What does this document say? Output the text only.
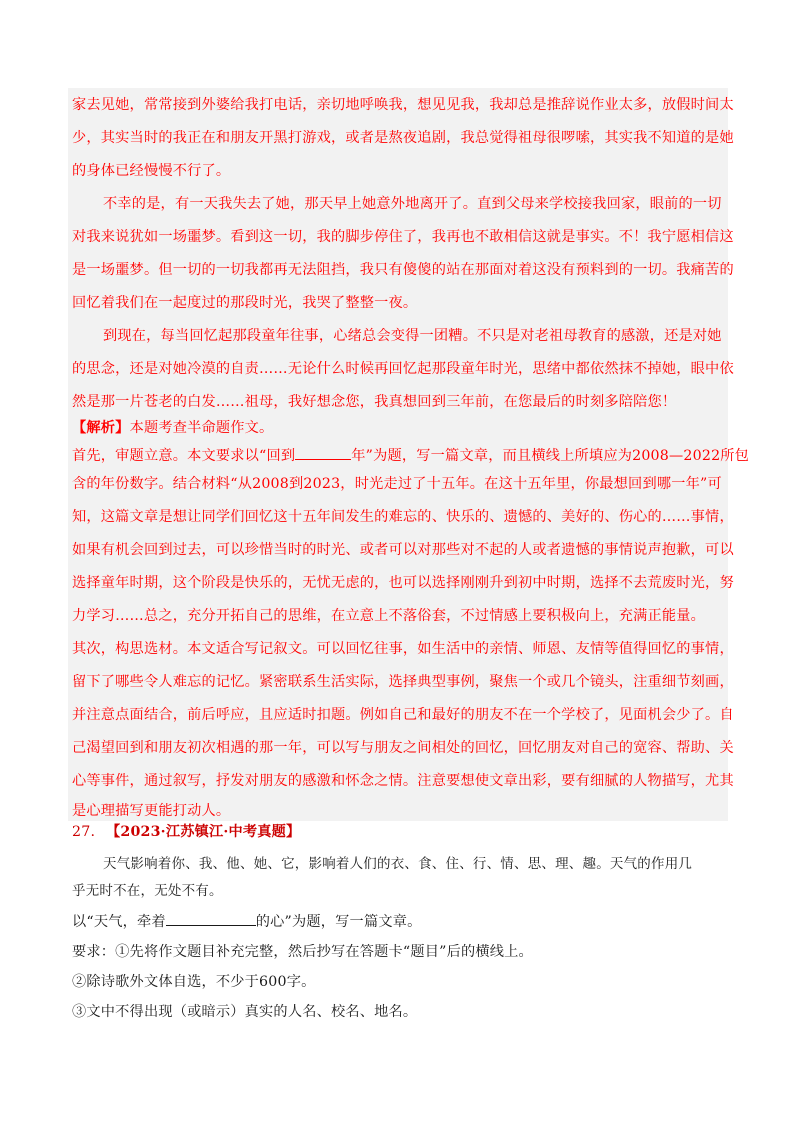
家去见她，常常接到外婆给我打电话，亲切地呼唤我，想见见我，我却总是推辞说作业太多，放假时间太
少，其实当时的我正在和朋友开黑打游戏，或者是熬夜追剧，我总觉得祖母很啰嗦，其实我不知道的是她
的身体已经慢慢不行了。
不幸的是，有一天我失去了她，那天早上她意外地离开了。直到父母来学校接我回家，眼前的一切
对我来说犹如一场噩梦。看到这一切，我的脚步停住了，我再也不敢相信这就是事实。不！我宁愿相信这
是一场噩梦。但一切的一切我都再无法阻挡，我只有傻傻的站在那面对着这没有预料到的一切。我痛苦的
回忆着我们在一起度过的那段时光，我哭了整整一夜。
到现在，每当回忆起那段童年往事，心绪总会变得一团糟。不只是对老祖母教育的感激，还是对她
的思念，还是对她冷漠的自责……无论什么时候再回忆起那段童年时光，思绪中都依然抹不掉她，眼中依
然是那一片苍老的白发……祖母，我好想念您，我真想回到三年前，在您最后的时刻多陪陪您！
【解析】本题考查半命题作文。
首先，审题立意。本文要求以“回到	年”为题，写一篇文章，而且横线上所填应为2008—2022所包
含的年份数字。结合材料“从2008到2023，时光走过了十五年。在这十五年里，你最想回到哪一年”可
知，这篇文章是想让同学们回忆这十五年间发生的难忘的、快乐的、遗憾的、美好的、伤心的……事情，
如果有机会回到过去，可以珍惜当时的时光、或者可以对那些对不起的人或者遗憾的事情说声抱歉，可以
选择童年时期，这个阶段是快乐的，无忧无虑的，也可以选择刚刚升到初中时期，选择不去荒废时光，努
力学习……总之，充分开拓自己的思维，在立意上不落俗套，不过情感上要积极向上，充满正能量。
其次，构思选材。本文适合写记叙文。可以回忆往事，如生活中的亲情、师恩、友情等值得回忆的事情，
留下了哪些令人难忘的记忆。紧密联系生活实际，选择典型事例，聚焦一个或几个镜头，注重细节刻画，
并注意点面结合，前后呼应，且应适时扣题。例如自己和最好的朋友不在一个学校了，见面机会少了。自
己渴望回到和朋友初次相遇的那一年，可以写与朋友之间相处的回忆，回忆朋友对自己的宽容、帮助、关
心等事件，通过叙写，抒发对朋友的感激和怀念之情。注意要想使文章出彩，要有细腻的人物描写，尤其
是心理描写更能打动人。
27. 【2023·江苏镇江·中考真题】
天气影响着你、我、他、她、它，影响着人们的衣、食、住、行、情、思、理、趣。天气的作用几
乎无时不在，无处不有。
以“天气，牵着	的心”为题，写一篇文章。
要求：①先将作文题目补充完整，然后抄写在答题卡“题目”后的横线上。
②除诗歌外文体自选，不少于600字。
③文中不得出现（或暗示）真实的人名、校名、地名。
